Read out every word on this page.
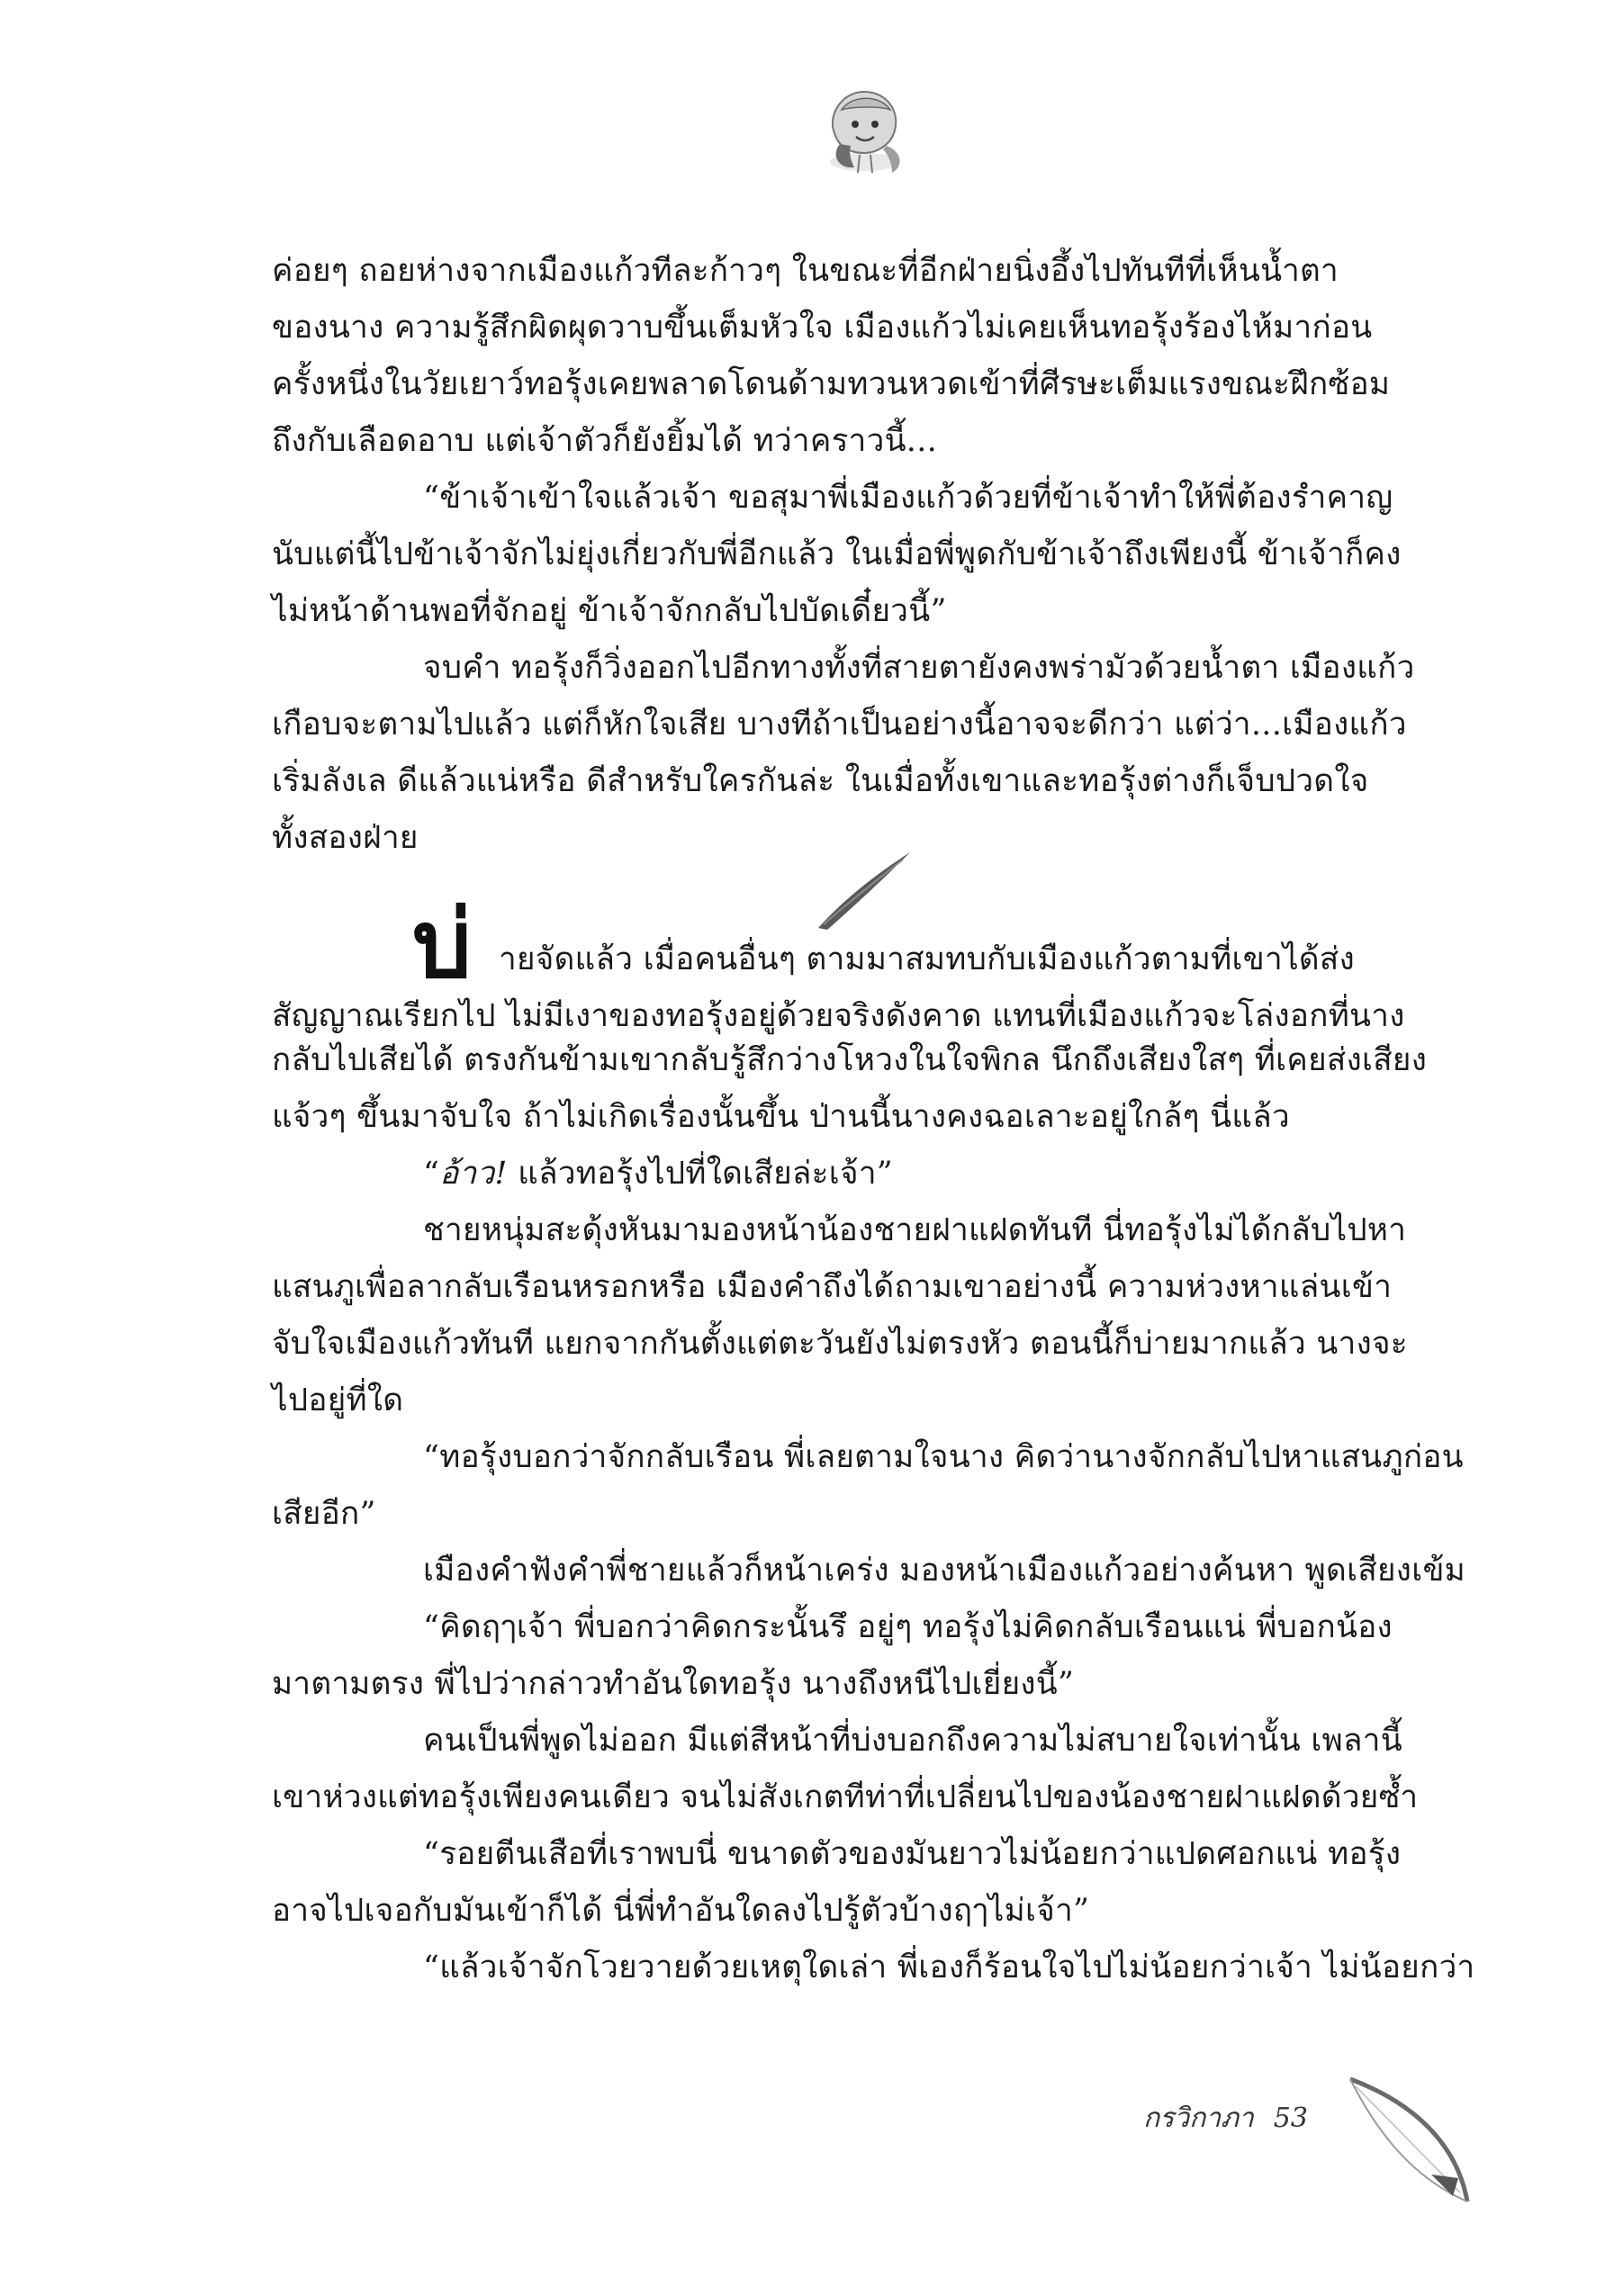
ค่อยๆ ถอยห่างจากเมืองแก้วทีละก้าวๆ ในขณะที่อีกฝ่ายนิ่งอึ้งไปทันทีที่เห็นน้ำตา
ของนาง ความรู้สึกผิดผุดวาบขึ้นเต็มหัวใจ เมืองแก้วไม่เคยเห็นทอรุ้งร้องไห้มาก่อน
ครั้งหนึ่งในวัยเยาว์ทอรุ้งเคยพลาดโดนด้ามทวนหวดเข้าที่ศีรษะเต็มแรงขณะฝึกซ้อม
ถึงกับเลือดอาบ แต่เจ้าตัวก็ยังยิ้มได้ ทว่าคราวนี้...
“ข้าเจ้าเข้าใจแล้วเจ้า ขอสุมาพี่เมืองแก้วด้วยที่ข้าเจ้าทำให้พี่ต้องรำคาญ
นับแต่นี้ไปข้าเจ้าจักไม่ยุ่งเกี่ยวกับพี่อีกแล้ว ในเมื่อพี่พูดกับข้าเจ้าถึงเพียงนี้ ข้าเจ้าก็คง
ไม่หน้าด้านพอที่จักอยู่ ข้าเจ้าจักกลับไปบัดเดี๋ยวนี้”
จบคำ ทอรุ้งก็วิ่งออกไปอีกทางทั้งที่สายตายังคงพร่ามัวด้วยน้ำตา เมืองแก้ว
เกือบจะตามไปแล้ว แต่ก็หักใจเสีย บางทีถ้าเป็นอย่างนี้อาจจะดีกว่า แต่ว่า...เมืองแก้ว
เริ่มลังเล ดีแล้วแน่หรือ ดีสำหรับใครกันล่ะ ในเมื่อทั้งเขาและทอรุ้งต่างก็เจ็บปวดใจ
ทั้งสองฝ่าย
บ่ ายจัดแล้ว เมื่อคนอื่นๆ ตามมาสมทบกับเมืองแก้วตามที่เขาได้ส่ง
สัญญาณเรียกไป ไม่มีเงาของทอรุ้งอยู่ด้วยจริงดังคาด แทนที่เมืองแก้วจะโล่งอกที่นาง
กลับไปเสียได้ ตรงกันข้ามเขากลับรู้สึกว่างโหวงในใจพิกล นึกถึงเสียงใสๆ ที่เคยส่งเสียง
แจ้วๆ ขึ้นมาจับใจ ถ้าไม่เกิดเรื่องนั้นขึ้น ป่านนี้นางคงฉอเลาะอยู่ใกล้ๆ นี่แล้ว
“อ้าว! แล้วทอรุ้งไปที่ใดเสียล่ะเจ้า”
ชายหนุ่มสะดุ้งหันมามองหน้าน้องชายฝาแฝดทันที นี่ทอรุ้งไม่ได้กลับไปหา
แสนภูเพื่อลากลับเรือนหรอกหรือ เมืองคำถึงได้ถามเขาอย่างนี้ ความห่วงหาแล่นเข้า
จับใจเมืองแก้วทันที แยกจากกันตั้งแต่ตะวันยังไม่ตรงหัว ตอนนี้ก็บ่ายมากแล้ว นางจะ
ไปอยู่ที่ใด
“ทอรุ้งบอกว่าจักกลับเรือน พี่เลยตามใจนาง คิดว่านางจักกลับไปหาแสนภูก่อน
เสียอีก”
เมืองคำฟังคำพี่ชายแล้วก็หน้าเคร่ง มองหน้าเมืองแก้วอย่างค้นหา พูดเสียงเข้ม
“คิดฤๅเจ้า พี่บอกว่าคิดกระนั้นรึ อยู่ๆ ทอรุ้งไม่คิดกลับเรือนแน่ พี่บอกน้อง
มาตามตรง พี่ไปว่ากล่าวทำอันใดทอรุ้ง นางถึงหนีไปเยี่ยงนี้”
คนเป็นพี่พูดไม่ออก มีแต่สีหน้าที่บ่งบอกถึงความไม่สบายใจเท่านั้น เพลานี้
เขาห่วงแต่ทอรุ้งเพียงคนเดียว จนไม่สังเกตทีท่าที่เปลี่ยนไปของน้องชายฝาแฝดด้วยซ้ำ
“รอยตีนเสือที่เราพบนี่ ขนาดตัวของมันยาวไม่น้อยกว่าแปดศอกแน่ ทอรุ้ง
อาจไปเจอกับมันเข้าก็ได้ นี่พี่ทำอันใดลงไปรู้ตัวบ้างฤๅไม่เจ้า”
“แล้วเจ้าจักโวยวายด้วยเหตุใดเล่า พี่เองก็ร้อนใจไปไม่น้อยกว่าเจ้า ไม่น้อยกว่า
กรวิกาภา 53
